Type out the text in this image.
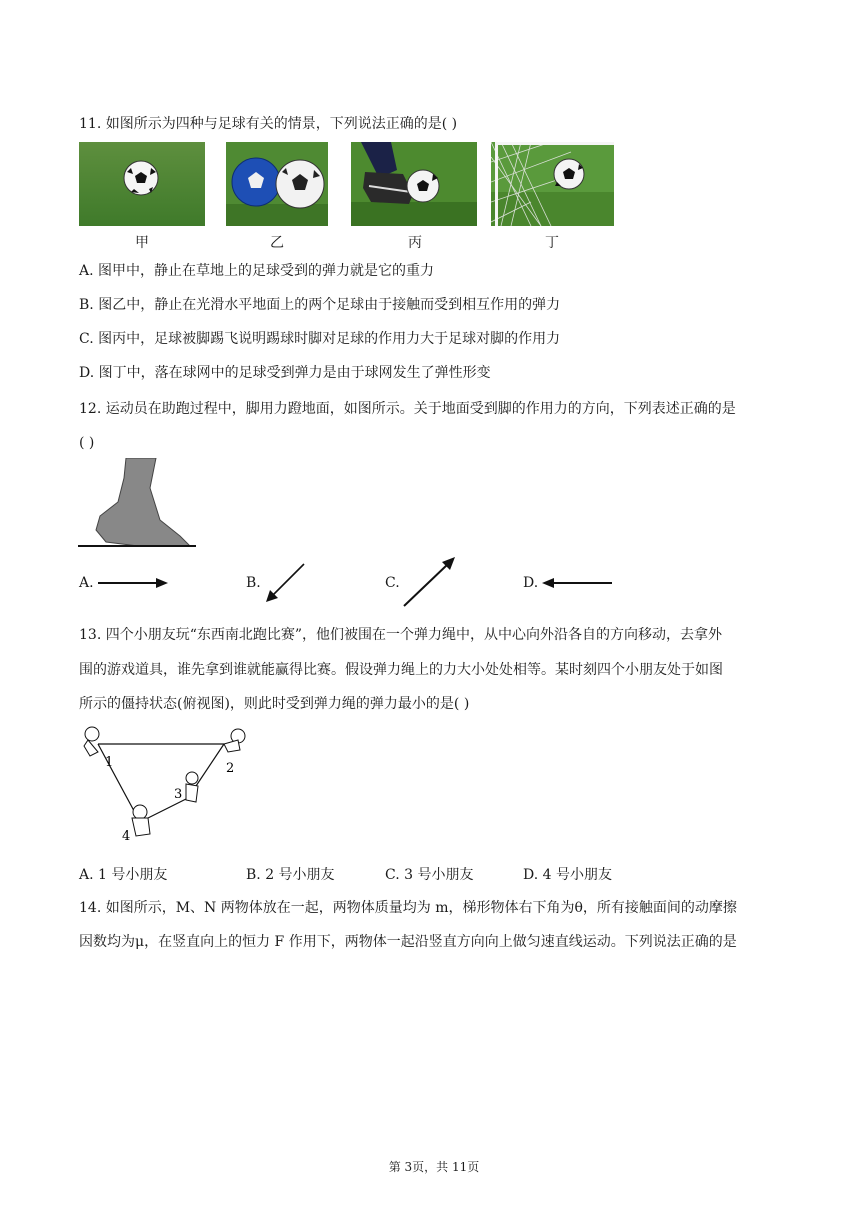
11. 如图所示为四种与足球有关的情景，下列说法正确的是( )
甲	乙	丙	丁
A. 图甲中，静止在草地上的足球受到的弹力就是它的重力
B. 图乙中，静止在光滑水平地面上的两个足球由于接触而受到相互作用的弹力
C. 图丙中，足球被脚踢飞说明踢球时脚对足球的作用力大于足球对脚的作用力
D. 图丁中，落在球网中的足球受到弹力是由于球网发生了弹性形变
12. 运动员在助跑过程中，脚用力蹬地面，如图所示。关于地面受到脚的作用力的方向，下列表述正确的是
( )
A.	B.	C.	D.
13. 四个小朋友玩“东西南北跑比赛”，他们被围在一个弹力绳中，从中心向外沿各自的方向移动，去拿外
围的游戏道具，谁先拿到谁就能赢得比赛。假设弹力绳上的力大小处处相等。某时刻四个小朋友处于如图
所示的僵持状态(俯视图)，则此时受到弹力绳的弹力最小的是( )
1	2
3
4
A. 1 号小朋友	B. 2 号小朋友	C. 3 号小朋友	D. 4 号小朋友
14. 如图所示，M、N 两物体放在一起，两物体质量均为 m，梯形物体右下角为θ，所有接触面间的动摩擦
因数均为μ，在竖直向上的恒力 F 作用下，两物体一起沿竖直方向向上做匀速直线运动。下列说法正确的是
第 3页，共 11页
